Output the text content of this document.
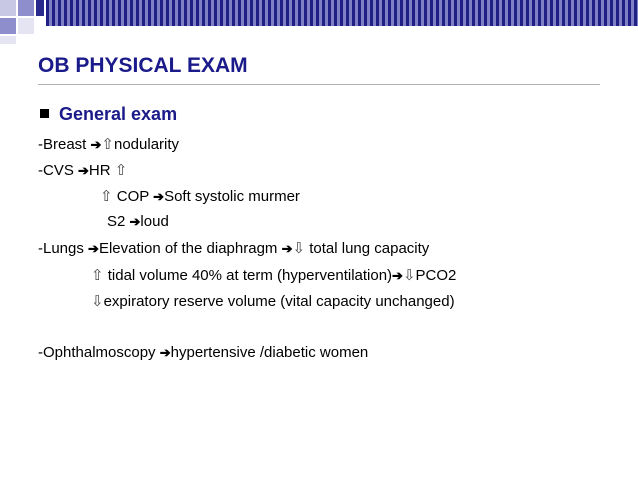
OB PHYSICAL EXAM
General exam
-Breast ➔⇧nodularity
-CVS ➔HR ⇧
⇧ COP ➔Soft systolic murmer
S2 ➔loud
-Lungs ➔Elevation of the diaphragm ➔⇩ total lung capacity
⇧ tidal volume 40% at term (hyperventilation)➔⇩PCO2
⇩expiratory reserve volume (vital capacity unchanged)
-Ophthalmoscopy ➔hypertensive /diabetic women
